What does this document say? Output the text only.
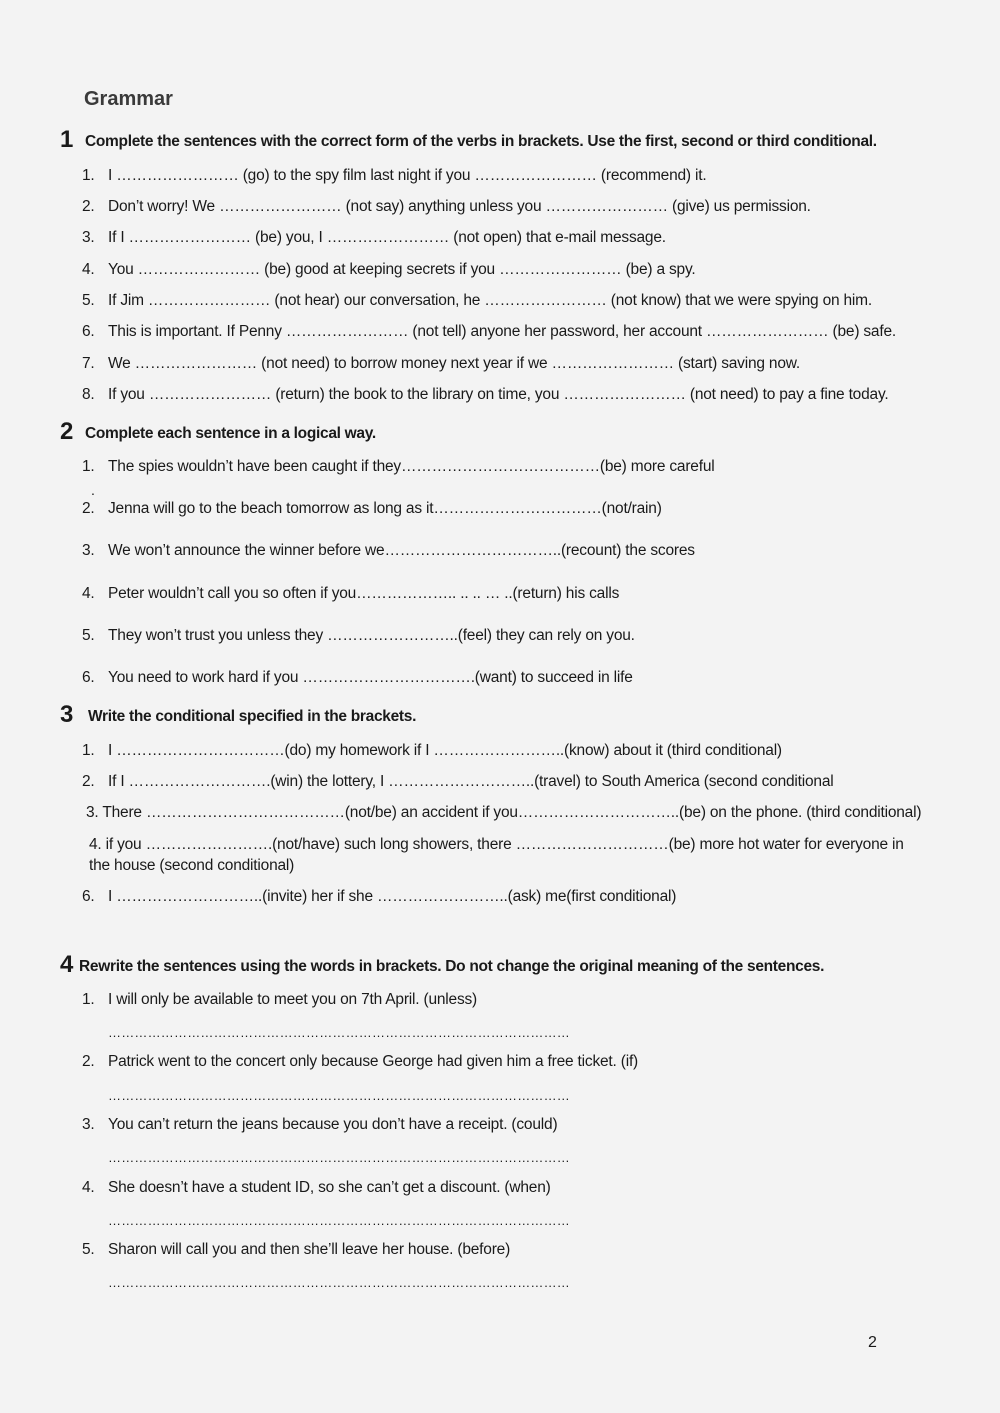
Grammar
1 Complete the sentences with the correct form of the verbs in brackets. Use the first, second or third conditional.
1. I …………………… (go) to the spy film last night if you …………………… (recommend) it.
2. Don’t worry! We …………………… (not say) anything unless you …………………… (give) us permission.
3. If I …………………… (be) you, I …………………… (not open) that e-mail message.
4. You …………………… (be) good at keeping secrets if you …………………… (be) a spy.
5. If Jim …………………… (not hear) our conversation, he …………………… (not know) that we were spying on him.
6. This is important. If Penny …………………… (not tell) anyone her password, her account …………………… (be) safe.
7. We …………………… (not need) to borrow money next year if we …………………… (start) saving now.
8. If you …………………… (return) the book to the library on time, you …………………… (not need) to pay a fine today.
2 Complete each sentence in a logical way.
1. The spies wouldn’t have been caught if they…………………………………(be) more careful
.
2. Jenna will go to the beach tomorrow as long as it……………………………(not/rain)
3. We won’t announce the winner before we……………………………..(recount) the scores
4. Peter wouldn’t call you so often if you……………….. .. .. … ..(return) his calls
5. They won’t trust you unless they ……………………..(feel) they can rely on you.
6. You need to work hard if you …………………………….(want) to succeed in life
3 Write the conditional specified in the brackets.
1. I ……………………………(do) my homework if I ……………………..(know) about it (third conditional)
2. If I ……………………….(win) the lottery, I ………………………..(travel) to South America (second conditional
3. There …………………………………(not/be) an accident if you…………………………..(be) on the phone. (third conditional)
4. if you …………………….(not/have) such long showers, there …………………………(be) more hot water for everyone in the house (second conditional)
6. I ………………………..(invite) her if she ……………………..(ask) me(first conditional)
4 Rewrite the sentences using the words in brackets. Do not change the original meaning of the sentences.
1. I will only be available to meet you on 7th April. (unless)
……………………………………………………………………………………………
2. Patrick went to the concert only because George had given him a free ticket. (if)
……………………………………………………………………………………………
3. You can’t return the jeans because you don’t have a receipt. (could)
……………………………………………………………………………………………
4. She doesn’t have a student ID, so she can’t get a discount. (when)
……………………………………………………………………………………………
5. Sharon will call you and then she’ll leave her house. (before)
……………………………………………………………………………………………
2
